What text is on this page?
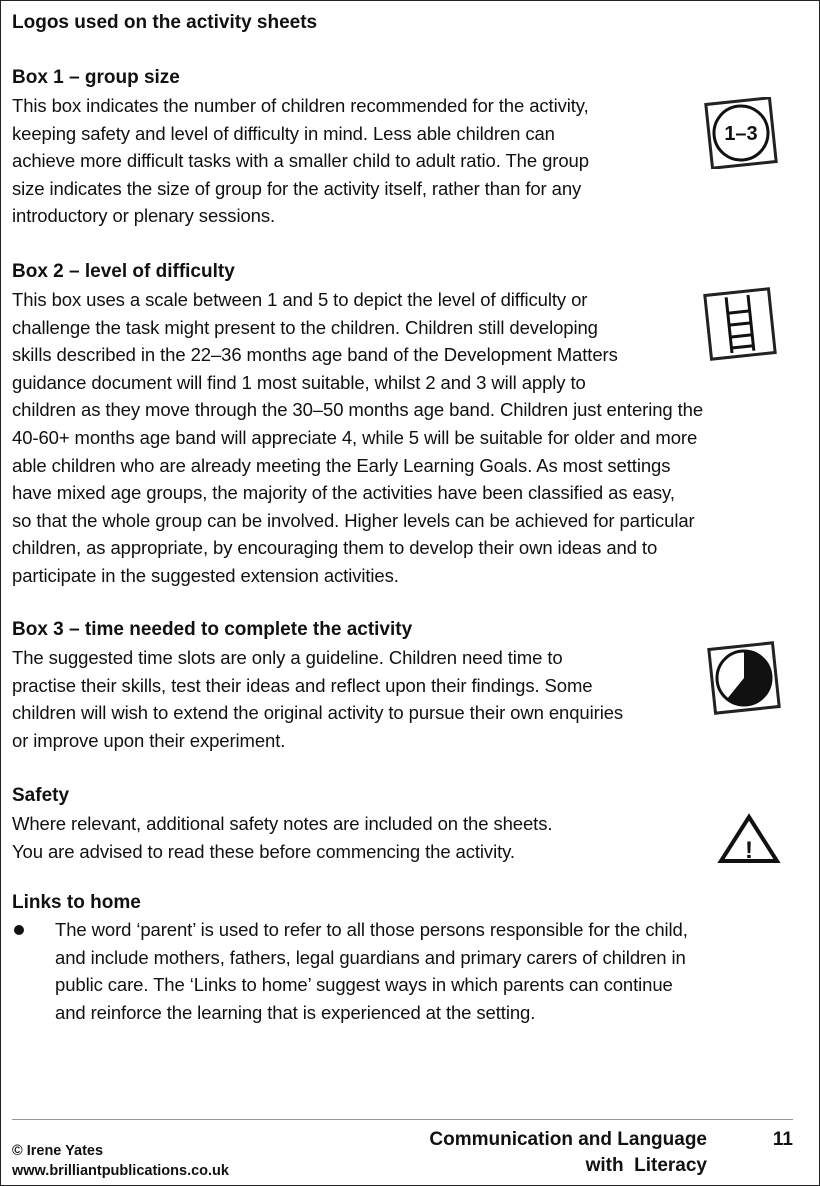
Logos used on the activity sheets

Box 1 – group size

This box indicates the number of children recommended for the activity,
keeping safety and level of difficulty in mind. Less able children can
achieve more difficult tasks with a smaller child to adult ratio. The group
size indicates the size of group for the activity itself, rather than for any
introductory or plenary sessions.

1–3

Box 2 – level of difficulty

This box uses a scale between 1 and 5 to depict the level of difficulty or
challenge the task might present to the children. Children still developing
skills described in the 22–36 months age band of the Development Matters
guidance document will find 1 most suitable, whilst 2 and 3 will apply to
children as they move through the 30–50 months age band. Children just entering the
40-60+ months age band will appreciate 4, while 5 will be suitable for older and more
able children who are already meeting the Early Learning Goals. As most settings
have mixed age groups, the majority of the activities have been classified as easy,
so that the whole group can be involved. Higher levels can be achieved for particular
children, as appropriate, by encouraging them to develop their own ideas and to
participate in the suggested extension activities.

Box 3 – time needed to complete the activity

The suggested time slots are only a guideline. Children need time to
practise their skills, test their ideas and reflect upon their findings. Some
children will wish to extend the original activity to pursue their own enquiries
or improve upon their experiment.

Safety

Where relevant, additional safety notes are included on the sheets.
You are advised to read these before commencing the activity.	!

Links to home

The word ‘parent’ is used to refer to all those persons responsible for the child,
and include mothers, fathers, legal guardians and primary carers of children in
public care. The ‘Links to home’ suggest ways in which parents can continue
and reinforce the learning that is experienced at the setting.

© Irene Yates
www.brilliantpublications.co.uk
Communication and Language
with  Literacy
11
